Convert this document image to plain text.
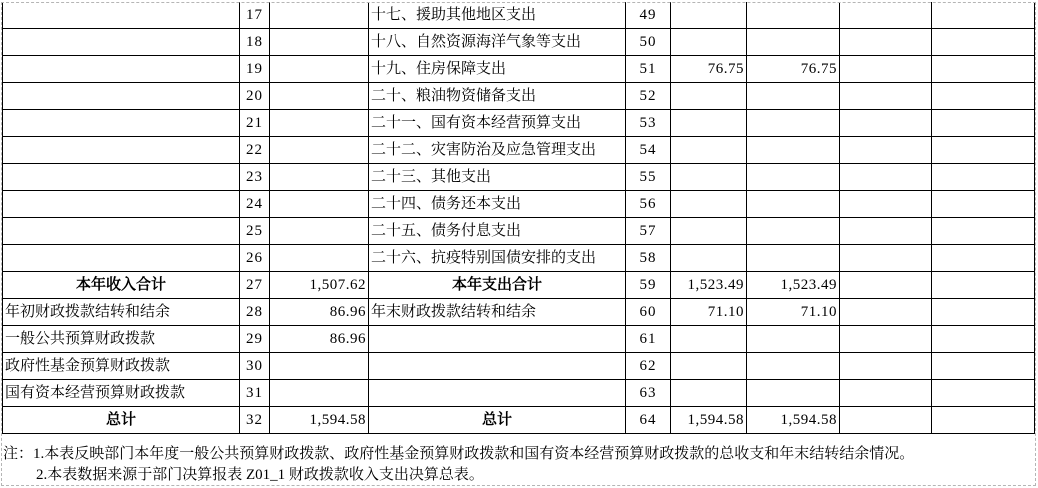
	17		十七、援助其他地区支出	49				
	18		十八、自然资源海洋气象等支出	50				
	19		十九、住房保障支出	51	76.75	76.75		
	20		二十、粮油物资储备支出	52				
	21		二十一、国有资本经营预算支出	53				
	22		二十二、灾害防治及应急管理支出	54				
	23		二十三、其他支出	55				
	24		二十四、债务还本支出	56				
	25		二十五、债务付息支出	57				
	26		二十六、抗疫特别国债安排的支出	58				
本年收入合计	27	1,507.62	本年支出合计	59	1,523.49	1,523.49		
年初财政拨款结转和结余	28	86.96	年末财政拨款结转和结余	60	71.10	71.10		
一般公共预算财政拨款	29	86.96		61				
政府性基金预算财政拨款	30			62				
国有资本经营预算财政拨款	31			63				
总计	32	1,594.58	总计	64	1,594.58	1,594.58		
注：1.本表反映部门本年度一般公共预算财政拨款、政府性基金预算财政拨款和国有资本经营预算财政拨款的总收支和年末结转结余情况。
2.本表数据来源于部门决算报表 Z01_1 财政拨款收入支出决算总表。
